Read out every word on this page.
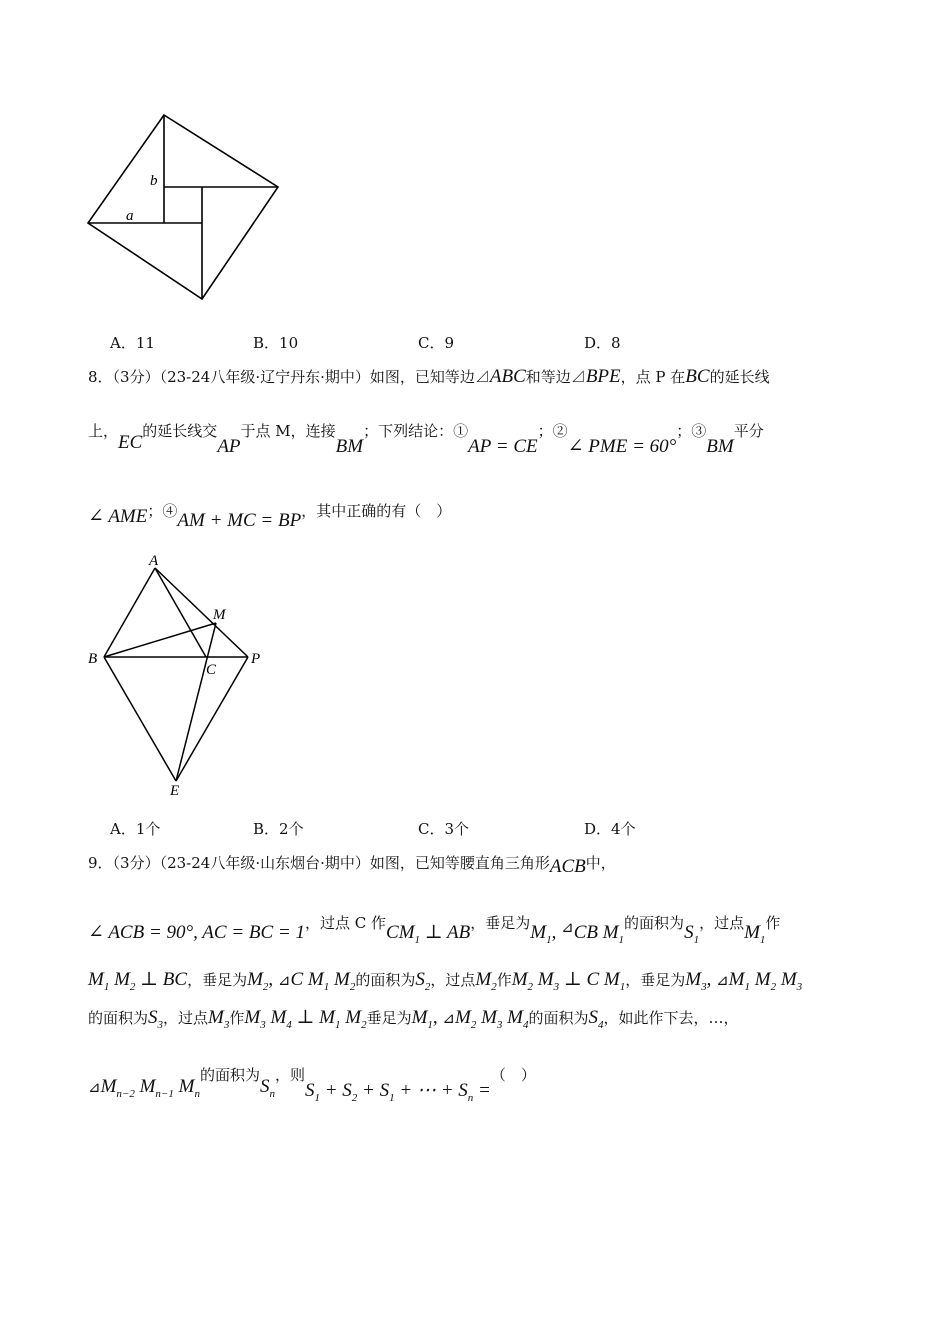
b
a
A．11	B．10	C．9	D．8
8．（3分）（23-24八年级·辽宁丹东·期中）如图，已知等边⊿ABC和等边⊿BPE，点 P 在BC的延长线
上，EC的延长线交AP于点 M，连接BM；下列结论：①AP = CE；②∠ PME = 60°；③BM平分
∠ AME；④AM + MC = BP，其中正确的有（　）
A
M
B
C
P
E
A．1个	B．2个	C．3个	D．4个
9．（3分）（23-24八年级·山东烟台·期中）如图，已知等腰直角三角形ACB中，
∠ ACB = 90°, AC = BC = 1，过点 C 作$CM_1$ ⊥ AB，垂足为$M_1$, ⊿CB $M_1$的面积为$S_1$，过点$M_1$作
$M_1$ $M_2$ ⊥ BC，垂足为$M_2$, ⊿C $M_1$ $M_2$的面积为$S_2$，过点$M_2$作$M_2$ $M_3$ ⊥ C $M_1$，垂足为$M_3$, $⊿M_1$ $M_2$ $M_3$
的面积为$S_3$，过点$M_3$作$M_3$ $M_4$ ⊥ $M_1$ $M_2$垂足为$M_1$, $⊿M_2$ $M_3$ $M_4$的面积为$S_4$，如此作下去，…，
$⊿M_{n-2}$ $M_{n-1}$ $M_n$的面积为$S_n$，则$S_1 + S_2 + S_1$ + ⋯ + $S_n$ =（　）
